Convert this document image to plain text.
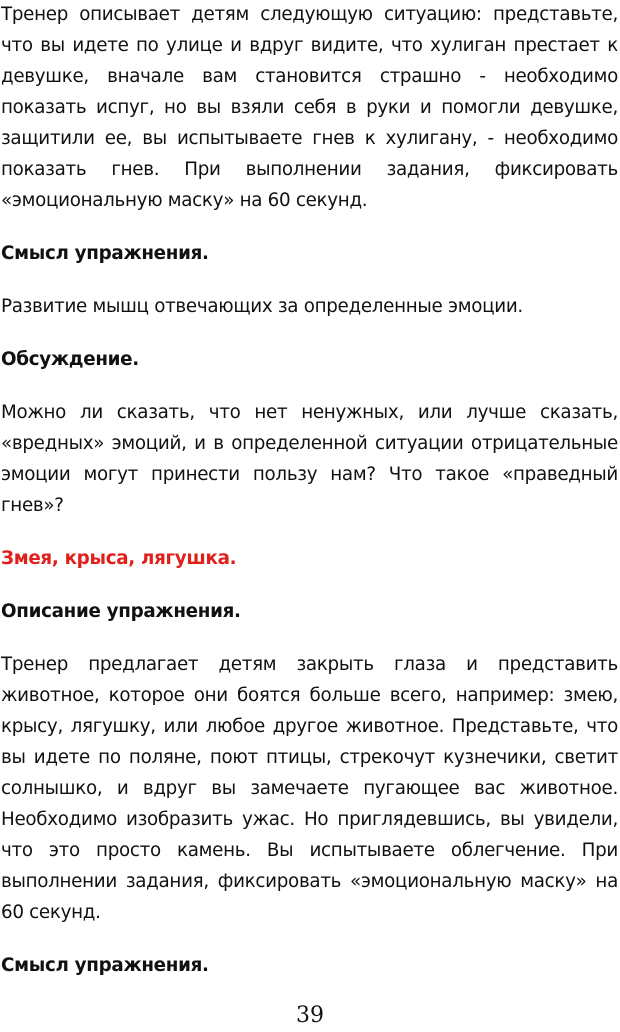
Тренер описывает детям следующую ситуацию: представьте, что вы идете по улице и вдруг видите, что хулиган престает к девушке, вначале вам становится страшно - необходимо показать испуг, но вы взяли себя в руки и помогли девушке, защитили ее, вы испытываете гнев к хулигану, - необходимо показать гнев. При выполнении задания, фиксировать «эмоциональную маску» на 60 секунд.

Смысл упражнения.

Развитие мышц отвечающих за определенные эмоции.

Обсуждение.

Можно ли сказать, что нет ненужных, или лучше сказать, «вредных» эмоций, и в определенной ситуации отрицательные эмоции могут принести пользу нам? Что такое «праведный гнев»?

Змея, крыса, лягушка.

Описание упражнения.

Тренер предлагает детям закрыть глаза и представить животное, которое они боятся больше всего, например: змею, крысу, лягушку, или любое другое животное. Представьте, что вы идете по поляне, поют птицы, стрекочут кузнечики, светит солнышко, и вдруг вы замечаете пугающее вас животное. Необходимо изобразить ужас. Но приглядевшись, вы увидели, что это просто камень. Вы испытываете облегчение. При выполнении задания, фиксировать «эмоциональную маску» на 60 секунд.

Смысл упражнения.

39
